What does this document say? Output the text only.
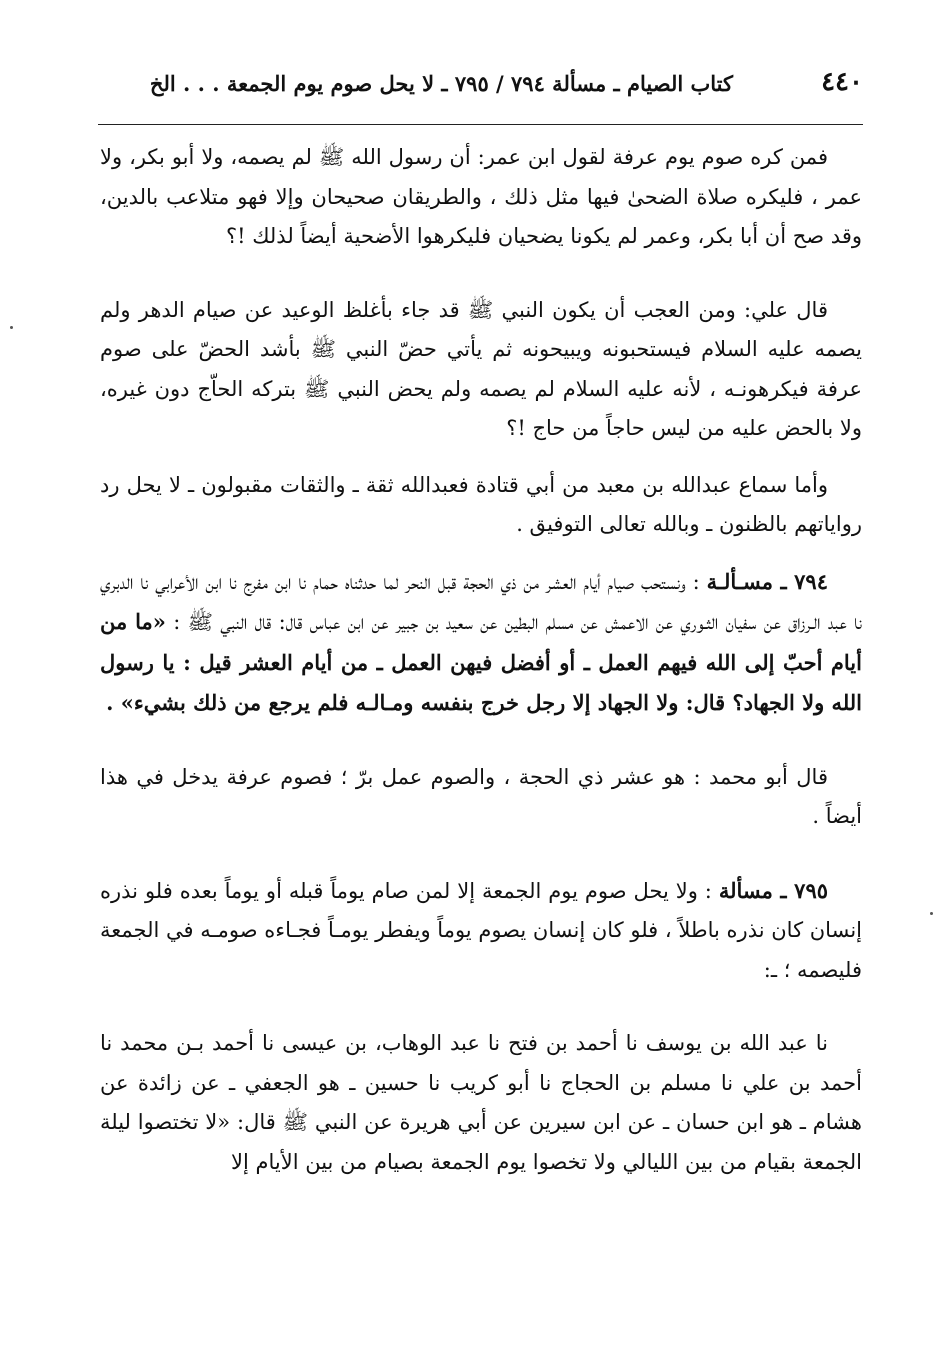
٤٤٠
كتاب الصيام ـ مسألة ٧٩٤ / ٧٩٥ ـ لا يحل صوم يوم الجمعة . . . الخ

فمن كره صوم يوم عرفة لقول ابن عمر: أن رسول الله ﷺ لم يصمه، ولا أبو بكر، ولا عمر ، فليكره صلاة الضحىٰ فيها مثل ذلك ، والطريقان صحيحان وإلا فهو متلاعب بالدين، وقد صح أن أبا بكر، وعمر لم يكونا يضحيان فليكرهوا الأضحية أيضاً لذلك !؟

قال علي: ومن العجب أن يكون النبي ﷺ قد جاء بأغلظ الوعيد عن صيام الدهر ولم يصمه عليه السلام فيستحبونه ويبيحونه ثم يأتي حضّ النبي ﷺ بأشد الحضّ على صوم عرفة فيكرهونـه ، لأنه عليه السلام لم يصمه ولم يحض النبي ﷺ بتركه الحاّج دون غيره، ولا بالحض عليه من ليس حاجاً من حاج !؟

وأما سماع عبدالله بن معبد من أبي قتادة فعبدالله ثقة ـ والثقات مقبولون ـ لا يحل رد رواياتهم بالظنون ـ وبالله تعالى التوفيق .

٧٩٤ ـ مسـألـة : ونستحب صيام أيام العشر من ذي الحجة قبل النحر لما حدثناه حمام نا ابن مفرج نا ابن الأعرابي نا الدبري نا عبد الـرزاق عن سفيان الثـوري عن الاعمش عن مسلم البطين عن سعيد بن جبير عن ابن عباس قال: قال النبي ﷺ : «ما من أيام أحبّ إلى الله فيهم العمل ـ أو أفضل فيهن العمل ـ من أيام العشر قيل : يا رسول الله ولا الجهاد؟ قال: ولا الجهاد إلا رجل خرج بنفسه ومـالـه فلم يرجع من ذلك بشيء» .

قال أبو محمد : هو عشر ذي الحجة ، والصوم عمل برّ ؛ فصوم عرفة يدخل في هذا أيضاً .

٧٩٥ ـ مسألة : ولا يحل صوم يوم الجمعة إلا لمن صام يوماً قبله أو يوماً بعده فلو نذره إنسان كان نذره باطلاً ، فلو كان إنسان يصوم يوماً ويفطر يومـاً فجـاءه صومـه في الجمعة فليصمه ؛ ـ:

نا عبد الله بن يوسف نا أحمد بن فتح نا عبد الوهاب، بن عيسى نا أحمد بـن محمد نا أحمد بن علي نا مسلم بن الحجاج نا أبو كريب نا حسين ـ هو الجعفي ـ عن زائدة عن هشام ـ هو ابن حسان ـ عن ابن سيرين عن أبي هريرة عن النبي ﷺ قال: «لا تختصوا ليلة الجمعة بقيام من بين الليالي ولا تخصوا يوم الجمعة بصيام من بين الأيام إلا
